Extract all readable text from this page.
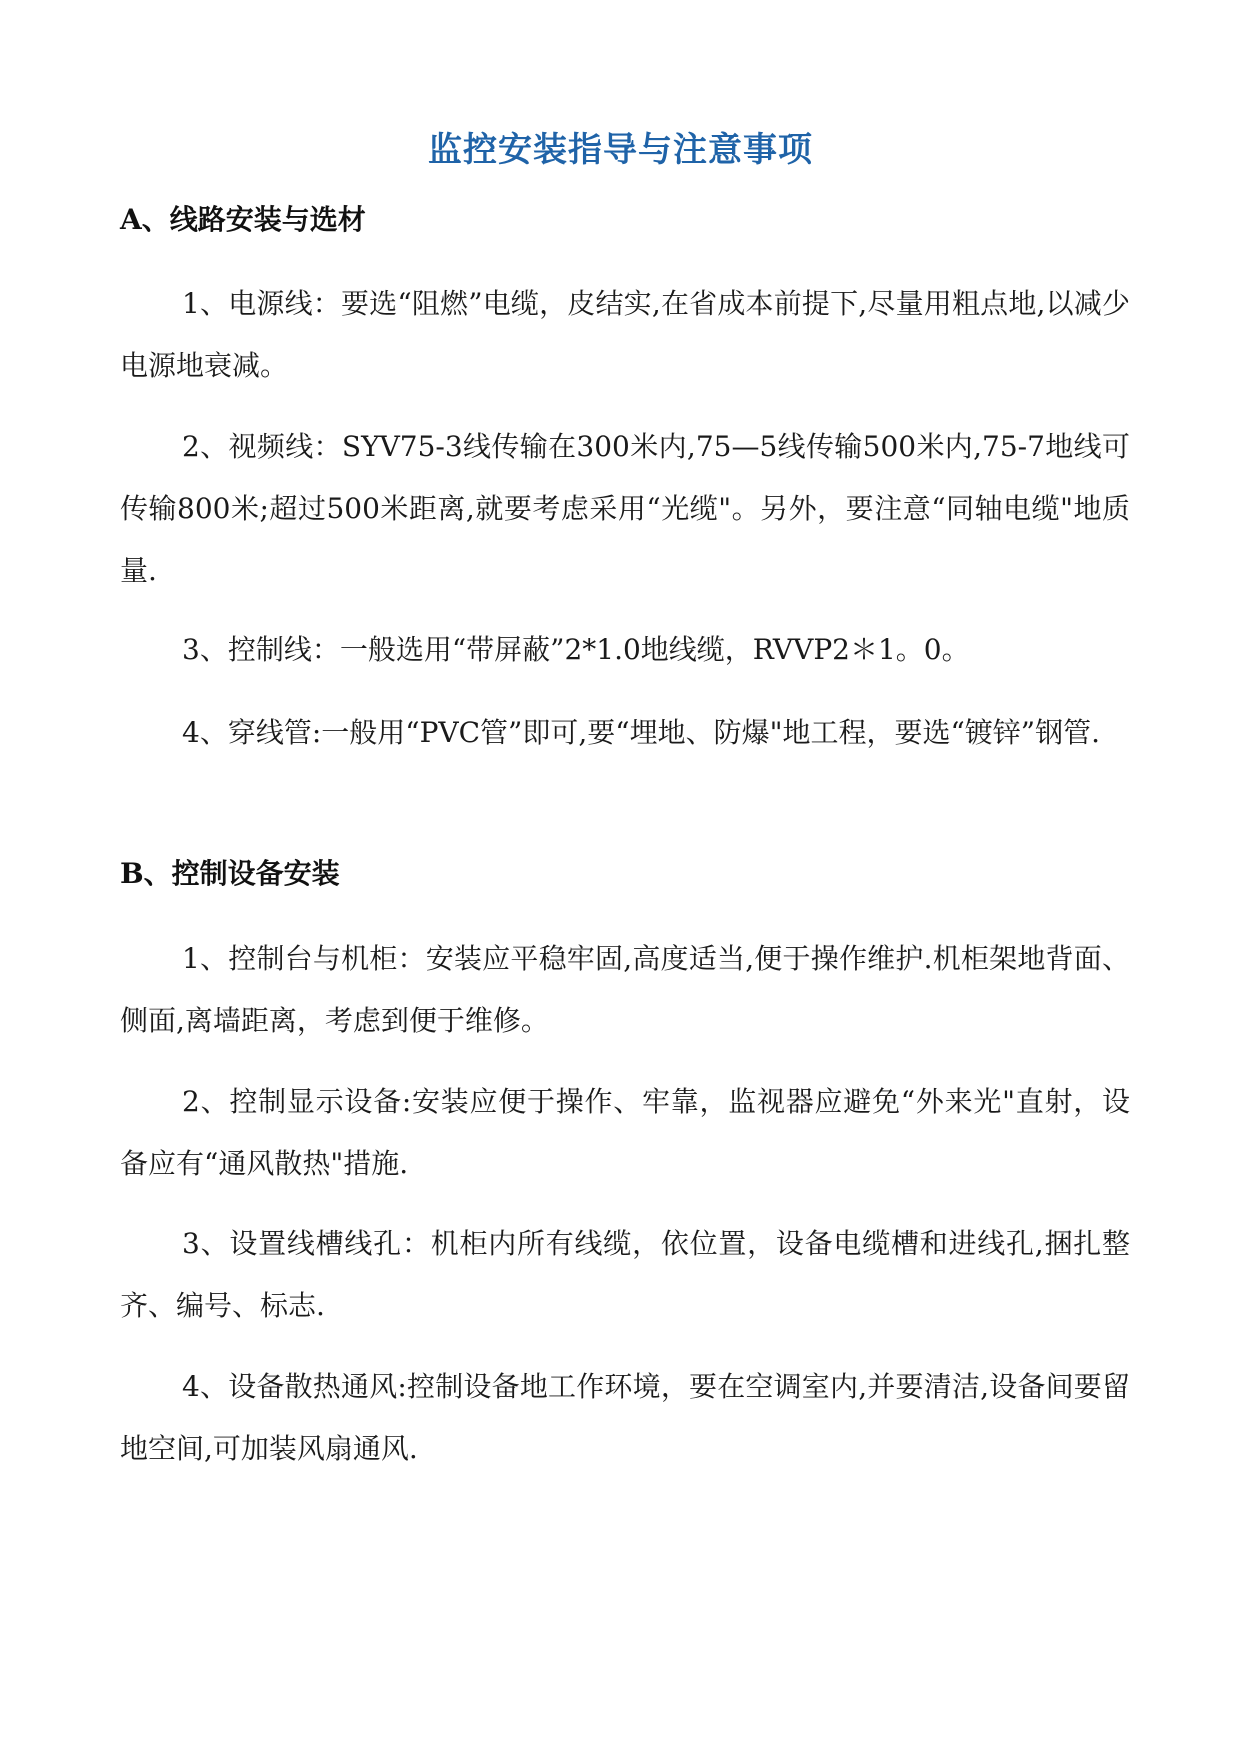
监控安装指导与注意事项
A、线路安装与选材
1、电源线：要选“阻燃”电缆，皮结实,在省成本前提下,尽量用粗点地,以减少电源地衰减。
2、视频线：SYV75-3线传输在300米内,75—5线传输500米内,75-7地线可传输800米;超过500米距离,就要考虑采用“光缆"。另外，要注意“同轴电缆"地质量.
3、控制线：一般选用“带屏蔽”2*1.0地线缆，RVVP2＊1。0。
4、穿线管:一般用“PVC管”即可,要“埋地、防爆"地工程，要选“镀锌”钢管.
B、控制设备安装
1、控制台与机柜：安装应平稳牢固,高度适当,便于操作维护.机柜架地背面、侧面,离墙距离，考虑到便于维修。
2、控制显示设备:安装应便于操作、牢靠，监视器应避免“外来光"直射，设备应有“通风散热"措施.
3、设置线槽线孔：机柜内所有线缆，依位置，设备电缆槽和进线孔,捆扎整齐、编号、标志.
4、设备散热通风:控制设备地工作环境，要在空调室内,并要清洁,设备间要留地空间,可加装风扇通风.
